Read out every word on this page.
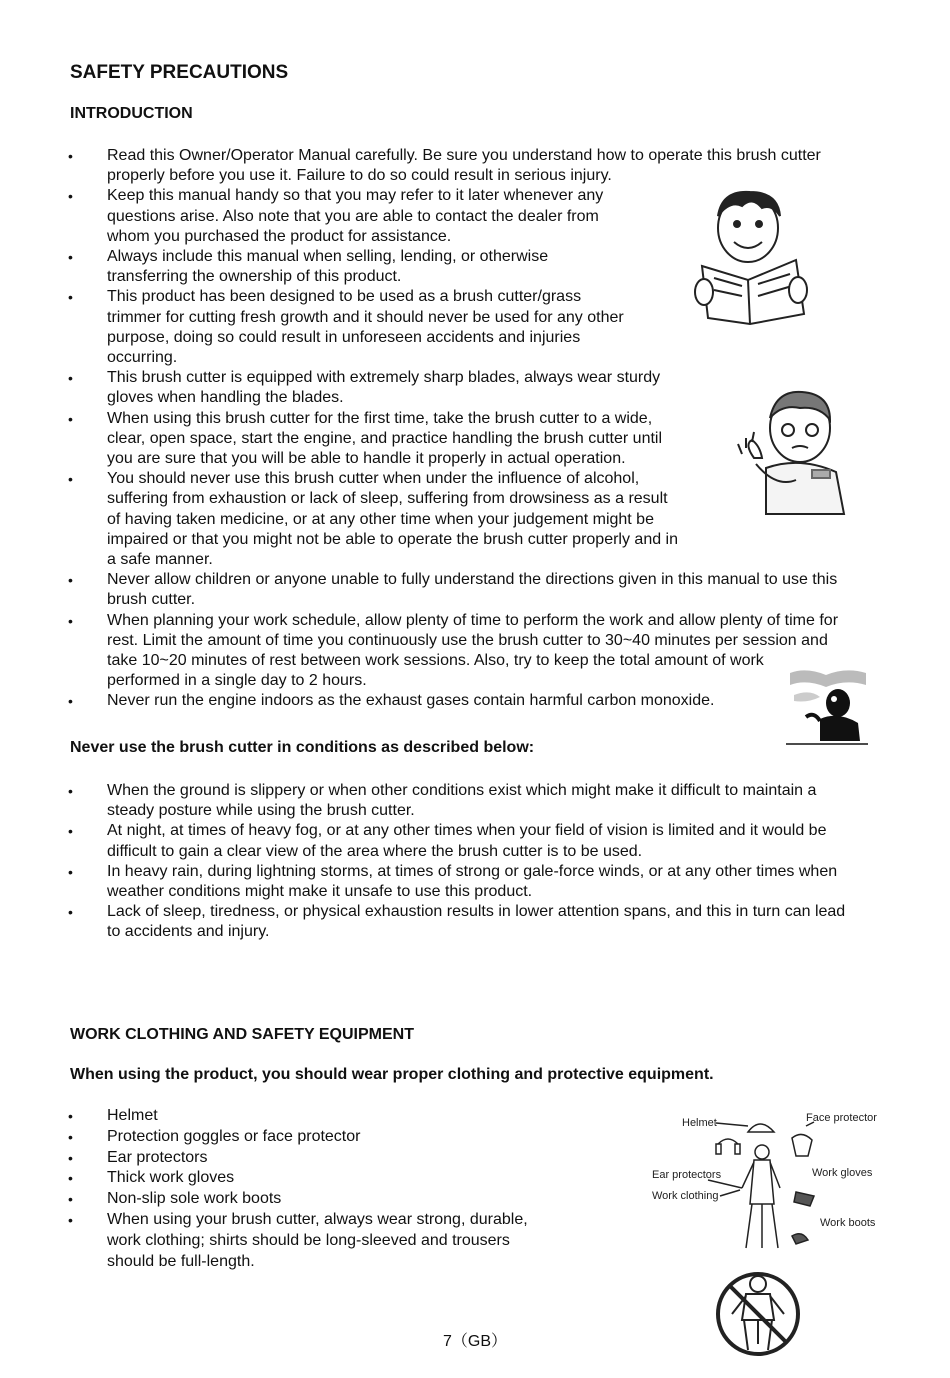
SAFETY PRECAUTIONS
INTRODUCTION
• Read this Owner/Operator Manual carefully. Be sure you understand how to operate this brush cutter
properly before you use it. Failure to do so could result in serious injury.
• Keep this manual handy so that you may refer to it later whenever any
questions arise. Also note that you are able to contact the dealer from
whom you purchased the product for assistance.
• Always include this manual when selling, lending, or otherwise
transferring the ownership of this product.
• This product has been designed to be used as a brush cutter/grass
trimmer for cutting fresh growth and it should never be used for any other
purpose, doing so could result in unforeseen accidents and injuries
occurring.
• This brush cutter is equipped with extremely sharp blades, always wear sturdy
gloves when handling the blades.
• When using this brush cutter for the first time, take the brush cutter to a wide,
clear, open space, start the engine, and practice handling the brush cutter until
you are sure that you will be able to handle it properly in actual operation.
• You should never use this brush cutter when under the influence of alcohol,
suffering from exhaustion or lack of sleep, suffering from drowsiness as a result
of having taken medicine, or at any other time when your judgement might be
impaired or that you might not be able to operate the brush cutter properly and in
a safe manner.
• Never allow children or anyone unable to fully understand the directions given in this manual to use this
brush cutter.
• When planning your work schedule, allow plenty of time to perform the work and allow plenty of time for
rest. Limit the amount of time you continuously use the brush cutter to 30~40 minutes per session and
take 10~20 minutes of rest between work sessions. Also, try to keep the total amount of work
performed in a single day to 2 hours.
• Never run the engine indoors as the exhaust gases contain harmful carbon monoxide.
Never use the brush cutter in conditions as described below:
• When the ground is slippery or when other conditions exist which might make it difficult to maintain a
steady posture while using the brush cutter.
• At night, at times of heavy fog, or at any other times when your field of vision is limited and it would be
difficult to gain a clear view of the area where the brush cutter is to be used.
• In heavy rain, during lightning storms, at times of strong or gale-force winds, or at any other times when
weather conditions might make it unsafe to use this product.
• Lack of sleep, tiredness, or physical exhaustion results in lower attention spans, and this in turn can lead
to accidents and injury.
WORK CLOTHING AND SAFETY EQUIPMENT
When using the product, you should wear proper clothing and protective equipment.
• Helmet
• Protection goggles or face protector
• Ear protectors
• Thick work gloves
• Non-slip sole work boots
• When using your brush cutter, always wear strong, durable,
work clothing; shirts should be long-sleeved and trousers
should be full-length.
Helmet	Face protector
Ear protectors	Work gloves
Work clothing
Work boots
7（GB）
